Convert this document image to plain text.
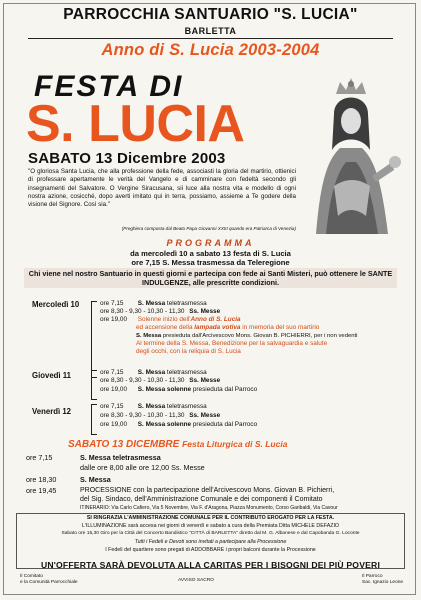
PARROCCHIA SANTUARIO "S. LUCIA"
BARLETTA
Anno di S. Lucia 2003-2004
FESTA DI
S. LUCIA
SABATO 13 Dicembre 2003
"O gloriosa Santa Lucia, che alla professione della fede, associasti la gloria del martirio, ottienici di professare apertamente le verità del Vangelo e di camminare con fedeltà secondo gli insegnamenti del Salvatore. O Vergine Siracusana, sii luce alla nostra vita e modello di ogni nostra azione, cosicché, dopo averti imitato qui in terra, possiamo, assieme a Te godere della visione del Signore. Così sia."
(Preghiera composta dal Beato Papa Giovanni XXIII quando era Patriarca di Venezia)
PROGRAMMA
da mercoledì 10 a sabato 13 festa di S. Lucia
ore 7,15 S. Messa trasmessa da Teleregione
Chi viene nel nostro Santuario in questi giorni e partecipa con fede ai Santi Misteri, può ottenere le SANTE INDULGENZE, alle prescritte condizioni.
Mercoledì 10	ore 7,15 S. Messa teletrasmessa
ore 8,30 - 9,30 - 10,30 - 11,30 Ss. Messe
ore 19,00 Solenne inizio dell'Anno di S. Lucia
ed accensione della lampada votiva in memoria del suo martirio
S. Messa presieduta dall'Arcivescovo Mons. Giovan B. PICHIERRI, per i non vedenti
Al termine della S. Messa, Benedizione per la salvaguardia e salute
degli occhi, con la reliquia di S. Lucia
Giovedì 11	ore 7,15 S. Messa teletrasmessa
ore 8,30 - 9,30 - 10,30 - 11,30 Ss. Messe
ore 19,00 S. Messa solenne presieduta dal Parroco
Venerdì 12
ore 7,15 S. Messa teletrasmessa
ore 8,30 - 9,30 - 10,30 - 11,30 Ss. Messe
ore 19,00 S. Messa solenne presieduta dal Parroco
SABATO 13 DICEMBRE Festa Liturgica di S. Lucia
ore 7,15	S. Messa teletrasmessa
dalle ore 8,00 alle ore 12,00 Ss. Messe
ore 18,30	S. Messa
ore 19,45	PROCESSIONE con la partecipazione dell'Arcivescovo Mons. Giovan B. Pichierri,
del Sig. Sindaco, dell'Amministrazione Comunale e dei componenti il Comitato
ITINERARIO: Via Carlo Cafiero, Via 5 Novembre, Via F. d'Aragona, Piazza Monumento, Corso Garibaldi, Via Cavour
SI RINGRAZIA L'AMMINISTRAZIONE COMUNALE PER IL CONTRIBUTO EROGATO PER LA FESTA.
L'ILLUMINAZIONE sarà accesa nei giorni di venerdì e sabato a cura della Premiata Ditta MICHELE DEFAZIO
Sabato ore 15,30 Giro per la Città del Concerto Bandistico "CITTÀ di BARLETTA" diretto dal M. G. Albanese e dal Capobanda G. Loconte
Tutti i Fedeli e Devoti sono invitati a partecipare alla Processione
I Fedeli del quartiere sono pregati di ADDOBBARE i propri balconi durante la Processione
UN'OFFERTA SARÀ DEVOLUTA ALLA CARITAS PER I BISOGNI DEI PIÙ POVERI
Il Comitato
e la Comunità Parrocchiale	AVVISO SACRO
Il Parroco
Sac. Ignazio Leone
